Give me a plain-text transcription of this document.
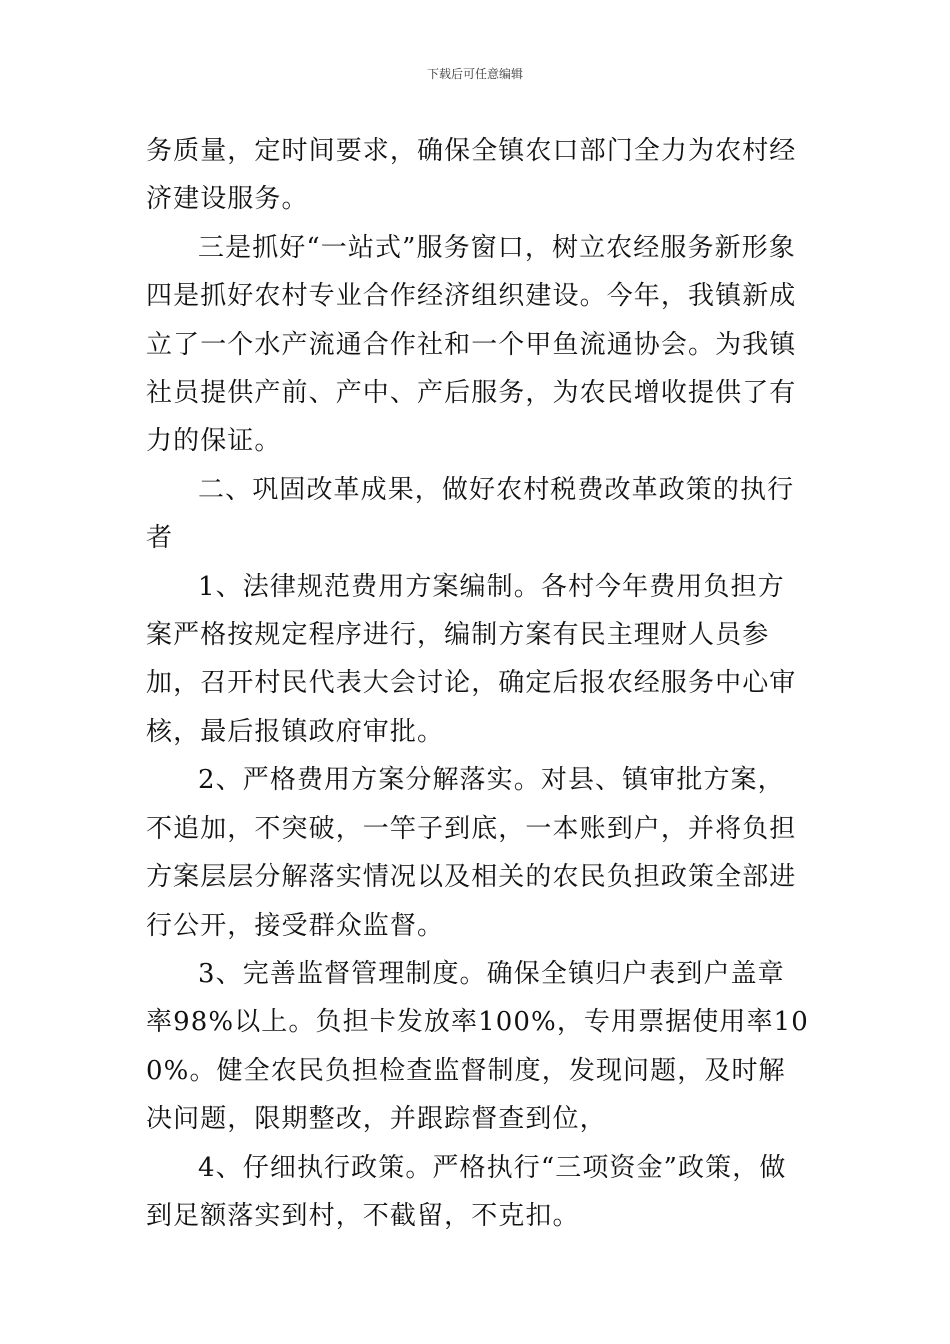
下载后可任意编辑

务质量，定时间要求，确保全镇农口部门全力为农村经济建设服务。

三是抓好“一站式”服务窗口，树立农经服务新形象

四是抓好农村专业合作经济组织建设。今年，我镇新成立了一个水产流通合作社和一个甲鱼流通协会。为我镇社员提供产前、产中、产后服务，为农民增收提供了有力的保证。

二、巩固改革成果，做好农村税费改革政策的执行者

1、法律规范费用方案编制。各村今年费用负担方案严格按规定程序进行，编制方案有民主理财人员参加，召开村民代表大会讨论，确定后报农经服务中心审核，最后报镇政府审批。

2、严格费用方案分解落实。对县、镇审批方案，不追加，不突破，一竿子到底，一本账到户，并将负担方案层层分解落实情况以及相关的农民负担政策全部进行公开，接受群众监督。

3、完善监督管理制度。确保全镇归户表到户盖章率98%以上。负担卡发放率100%，专用票据使用率100%。健全农民负担检查监督制度，发现问题，及时解决问题，限期整改，并跟踪督查到位，

4、仔细执行政策。严格执行“三项资金”政策，做到足额落实到村，不截留，不克扣。
